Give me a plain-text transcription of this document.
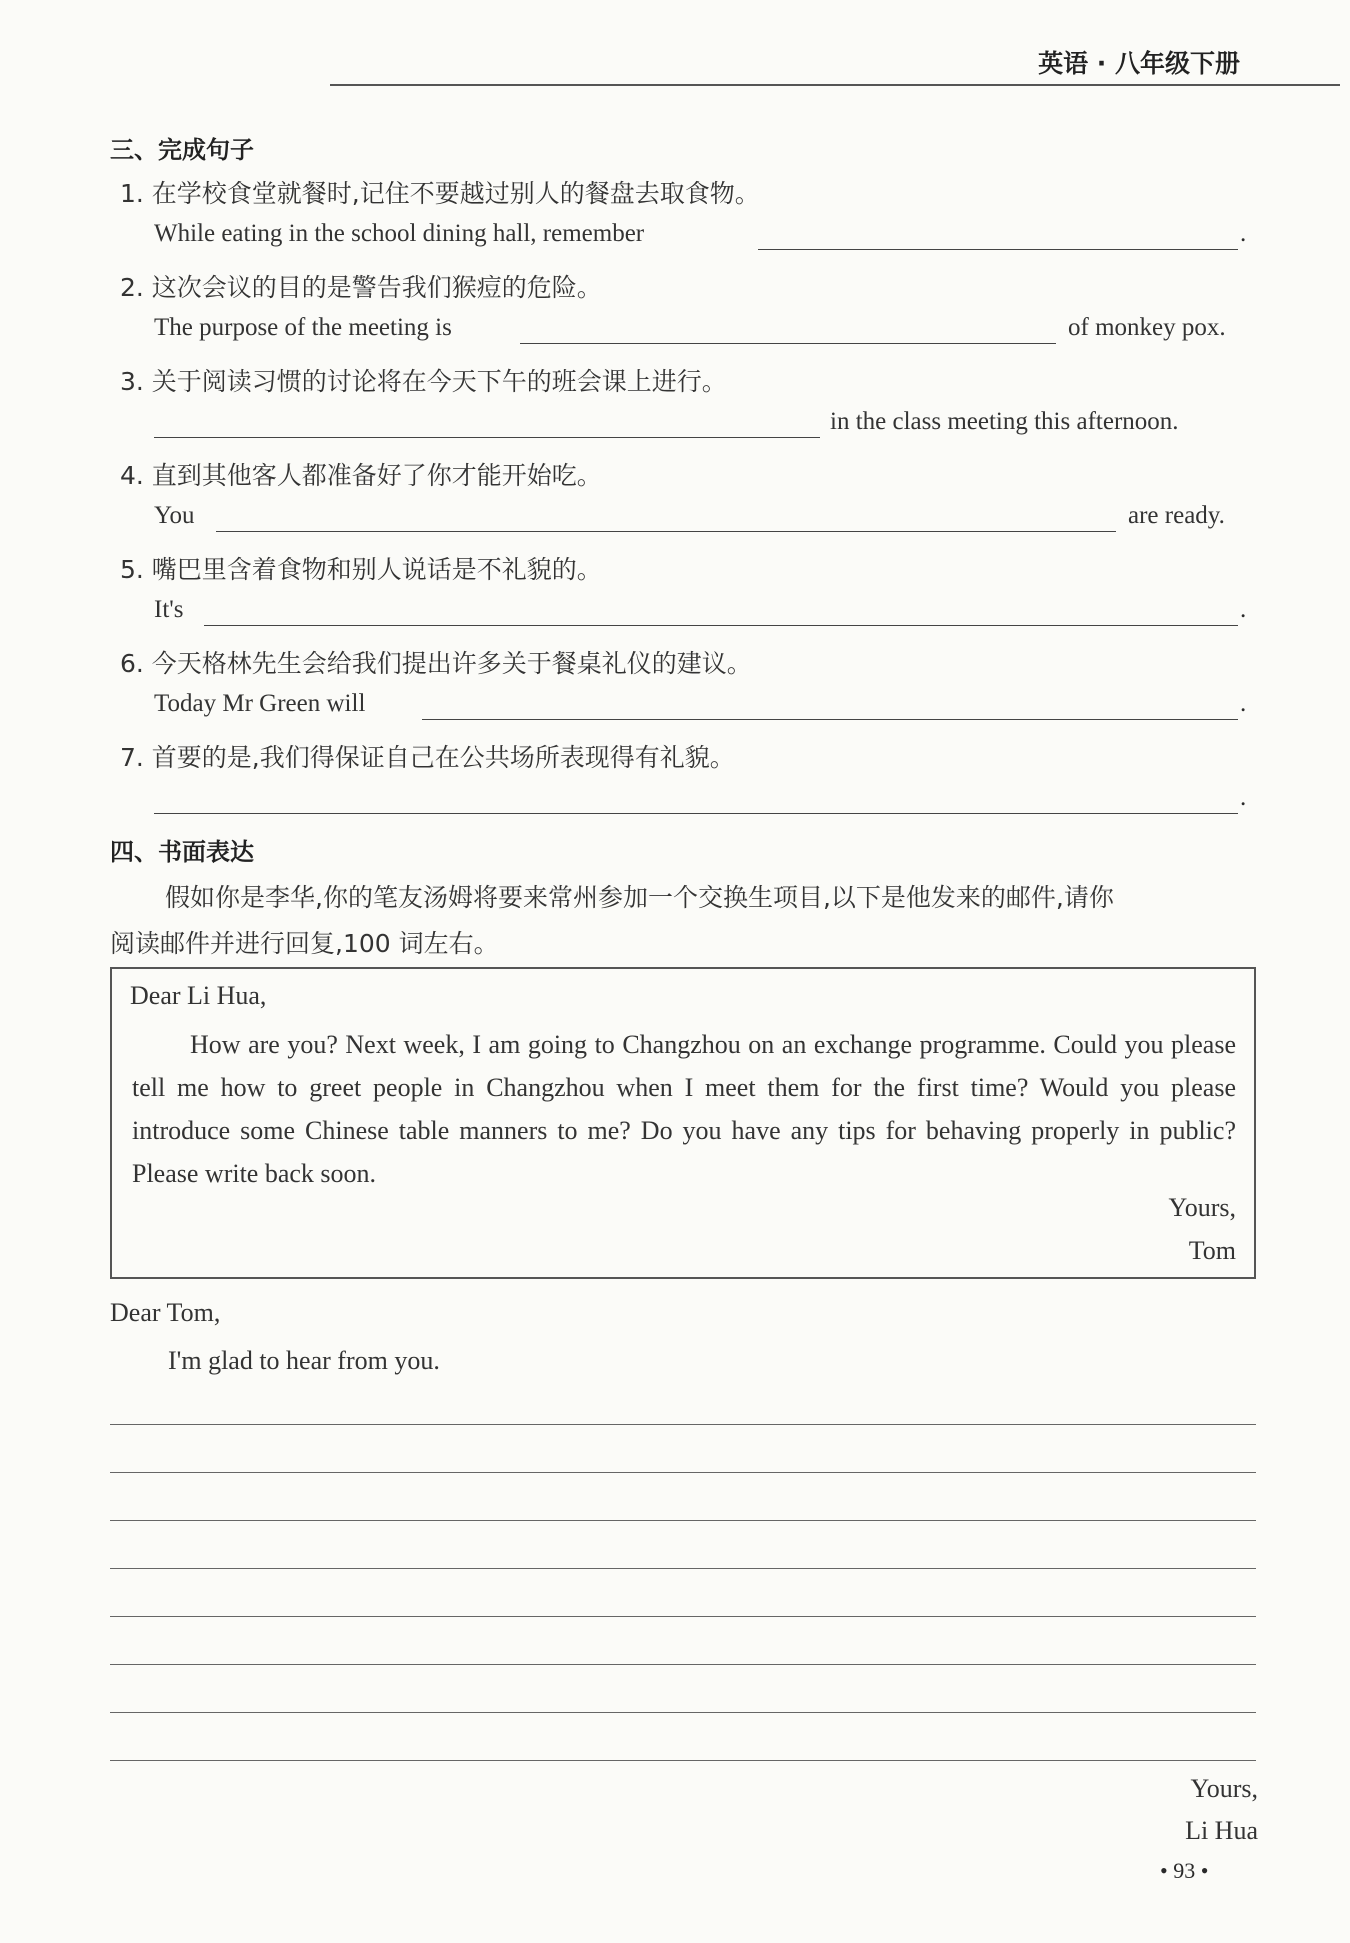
英语 · 八年级下册
三、完成句子
1. 在学校食堂就餐时,记住不要越过别人的餐盘去取食物。
While eating in the school dining hall, remember	.
2. 这次会议的目的是警告我们猴痘的危险。
The purpose of the meeting is	of monkey pox.
3. 关于阅读习惯的讨论将在今天下午的班会课上进行。
in the class meeting this afternoon.
4. 直到其他客人都准备好了你才能开始吃。
You	are ready.
5. 嘴巴里含着食物和别人说话是不礼貌的。
It's	.
6. 今天格林先生会给我们提出许多关于餐桌礼仪的建议。
Today Mr Green will	.
7. 首要的是,我们得保证自己在公共场所表现得有礼貌。
.
四、书面表达
假如你是李华,你的笔友汤姆将要来常州参加一个交换生项目,以下是他发来的邮件,请你
阅读邮件并进行回复,100 词左右。

Dear Li Hua,

How are you? Next week, I am going to Changzhou on an exchange programme. Could you please tell me how to greet people in Changzhou when I meet them for the first time? Would you please introduce some Chinese table manners to me? Do you have any tips for behaving properly in public? Please write back soon.

Yours,

Tom

Dear Tom,
I'm glad to hear from you.
Yours,
Li Hua
• 93 •
